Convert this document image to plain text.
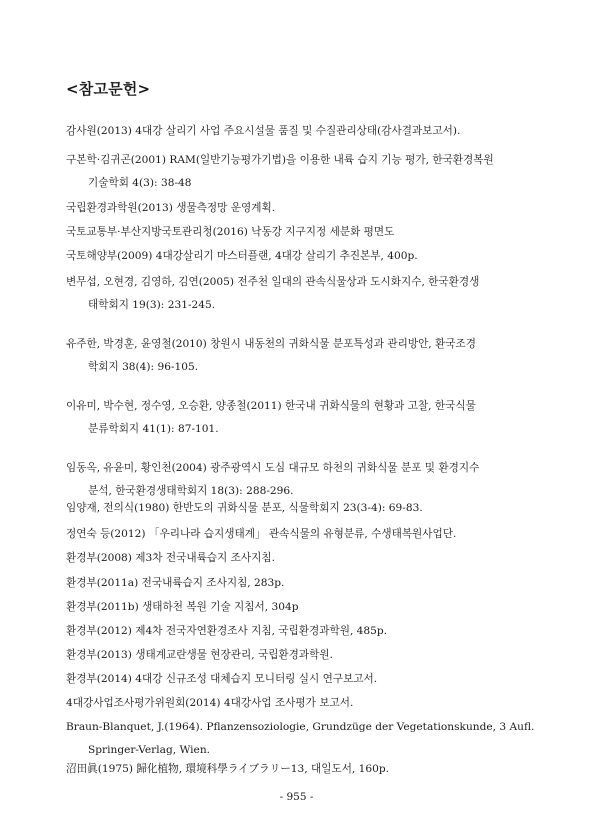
<참고문헌>
감사원(2013) 4대강 살리기 사업 주요시설물 품질 및 수질관리상태(감사결과보고서).
구본학·김귀곤(2001) RAM(일반기능평가기법)을 이용한 내륙 습지 기능 평가, 한국환경복원
기술학회 4(3): 38-48
국립환경과학원(2013) 생물측정망 운영계획.
국토교통부·부산지방국토관리청(2016) 낙동강 지구지정 세분화 평면도
국토해양부(2009) 4대강살리기 마스터플랜, 4대강 살리기 추진본부, 400p.
변무섭, 오현경, 김영하, 김연(2005) 전주천 일대의 관속식물상과 도시화지수, 한국환경생
태학회지 19(3): 231-245.
유주한, 박경훈, 윤영철(2010) 창원시 내동천의 귀화식물 분포특성과 관리방안, 환국조경
학회지 38(4): 96-105.
이유미, 박수현, 정수영, 오승환, 양종철(2011) 한국내 귀화식물의 현황과 고찰, 한국식물
분류학회지 41(1): 87-101.
임동옥, 유윤미, 황인천(2004) 광주광역시 도심 대규모 하천의 귀화식물 분포 및 환경지수
분석, 한국환경생태학회지 18(3): 288-296.
임양재, 전의식(1980) 한반도의 귀화식물 분포, 식물학회지 23(3-4): 69-83.
정연숙 등(2012) 「우리나라 습지생태계」 관속식물의 유형분류, 수생태복원사업단.
환경부(2008) 제3차 전국내륙습지 조사지침.
환경부(2011a) 전국내륙습지 조사지침, 283p.
환경부(2011b) 생태하천 복원 기술 지침서, 304p
환경부(2012) 제4차 전국자연환경조사 지침, 국립환경과학원, 485p.
환경부(2013) 생태계교란생물 현장관리, 국립환경과학원.
환경부(2014) 4대강 신규조성 대체습지 모니터링 실시 연구보고서.
4대강사업조사평가위원회(2014) 4대강사업 조사평가 보고서.
Braun-Blanquet, J.(1964). Pflanzensoziologie, Grundzüge der Vegetationskunde, 3 Aufl.
Springer-Verlag, Wien.
沼田眞(1975) 歸化植物, 環境科學ライブラリー13, 대일도서, 160p.
- 955 -
